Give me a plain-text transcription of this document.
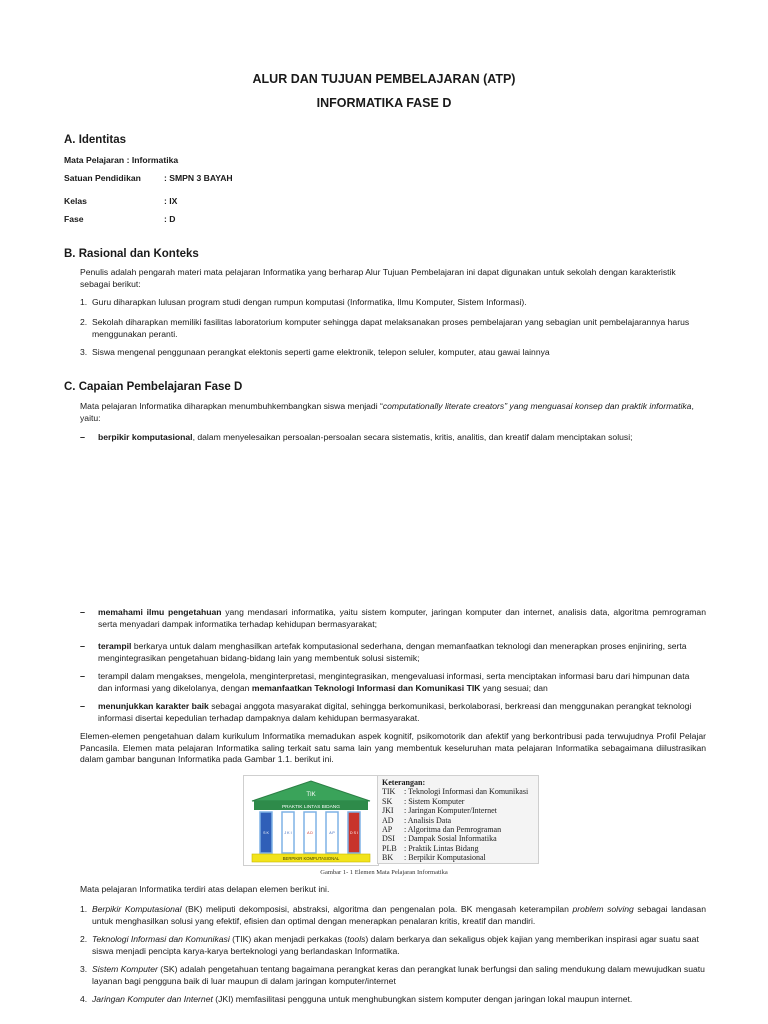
ALUR DAN TUJUAN PEMBELAJARAN (ATP)
INFORMATIKA FASE D
A. Identitas
Mata Pelajaran : Informatika
Satuan Pendidikan	: SMPN 3 BAYAH
Kelas	: IX
Fase	: D
B. Rasional dan Konteks
Penulis adalah pengarah materi mata pelajaran Informatika yang berharap Alur Tujuan Pembelajaran ini dapat digunakan untuk sekolah dengan karakteristik sebagai berikut:
1. Guru diharapkan lulusan program studi dengan rumpun komputasi (Informatika, Ilmu Komputer, Sistem Informasi).
2. Sekolah diharapkan memiliki fasilitas laboratorium komputer sehingga dapat melaksanakan proses pembelajaran yang sebagian unit pembelajarannya harus menggunakan peranti.
3. Siswa mengenal penggunaan perangkat elektonis seperti game elektronik, telepon seluler, komputer, atau gawai lainnya
C. Capaian Pembelajaran Fase D
Mata pelajaran Informatika diharapkan menumbuhkembangkan siswa menjadi “computationally literate creators” yang menguasai konsep dan praktik informatika, yaitu:
– berpikir komputasional, dalam menyelesaikan persoalan-persoalan secara sistematis, kritis, analitis, dan kreatif dalam menciptakan solusi;
– memahami ilmu pengetahuan yang mendasari informatika, yaitu sistem komputer, jaringan komputer dan internet, analisis data, algoritma pemrograman serta menyadari dampak informatika terhadap kehidupan bermasyarakat;
– terampil berkarya untuk dalam menghasilkan artefak komputasional sederhana, dengan memanfaatkan teknologi dan menerapkan proses enjiniring, serta mengintegrasikan pengetahuan bidang-bidang lain yang membentuk solusi sistemik;
– terampil dalam mengakses, mengelola, menginterpretasi, mengintegrasikan, mengevaluasi informasi, serta menciptakan informasi baru dari himpunan data dan informasi yang dikelolanya, dengan memanfaatkan Teknologi Informasi dan Komunikasi TIK yang sesuai; dan
– menunjukkan karakter baik sebagai anggota masyarakat digital, sehingga berkomunikasi, berkolaborasi, berkreasi dan menggunakan perangkat teknologi informasi disertai kepedulian terhadap dampaknya dalam kehidupan bermasyarakat.
Elemen-elemen pengetahuan dalam kurikulum Informatika memadukan aspek kognitif, psikomotorik dan afektif yang berkontribusi pada terwujudnya Profil Pelajar Pancasila. Elemen mata pelajaran Informatika saling terkait satu sama lain yang membentuk keseluruhan mata pelajaran Informatika sebagaimana diilustrasikan dalam gambar bangunan Informatika pada Gambar 1.1. berikut ini.
TIK
PRAKTIK LINTAS BIDANG
S K	J K I	A D	A P	D S I
BERPIKIR KOMPUTASIONAL
Keterangan:
TIK : Teknologi Informasi dan Komunikasi
SK : Sistem Komputer
JKI : Jaringan Komputer/Internet
AD : Analisis Data
AP : Algoritma dan Pemrograman
DSI : Dampak Sosial Informatika
PLB : Praktik Lintas Bidang
BK : Berpikir Komputasional
Gambar 1- 1 Elemen Mata Pelajaran Informatika
Mata pelajaran Informatika terdiri atas delapan elemen berikut ini.
1. Berpikir Komputasional (BK) meliputi dekomposisi, abstraksi, algoritma dan pengenalan pola. BK mengasah keterampilan problem solving sebagai landasan untuk menghasilkan solusi yang efektif, efisien dan optimal dengan menerapkan penalaran kritis, kreatif dan mandiri.
2. Teknologi Informasi dan Komunikasi (TIK) akan menjadi perkakas (tools) dalam berkarya dan sekaligus objek kajian yang memberikan inspirasi agar suatu saat siswa menjadi pencipta karya-karya berteknologi yang berlandaskan Informatika.
3. Sistem Komputer (SK) adalah pengetahuan tentang bagaimana perangkat keras dan perangkat lunak berfungsi dan saling mendukung dalam mewujudkan suatu layanan bagi pengguna baik di luar maupun di dalam jaringan komputer/internet
4. Jaringan Komputer dan Internet (JKI) memfasilitasi pengguna untuk menghubungkan sistem komputer dengan jaringan lokal maupun internet.
